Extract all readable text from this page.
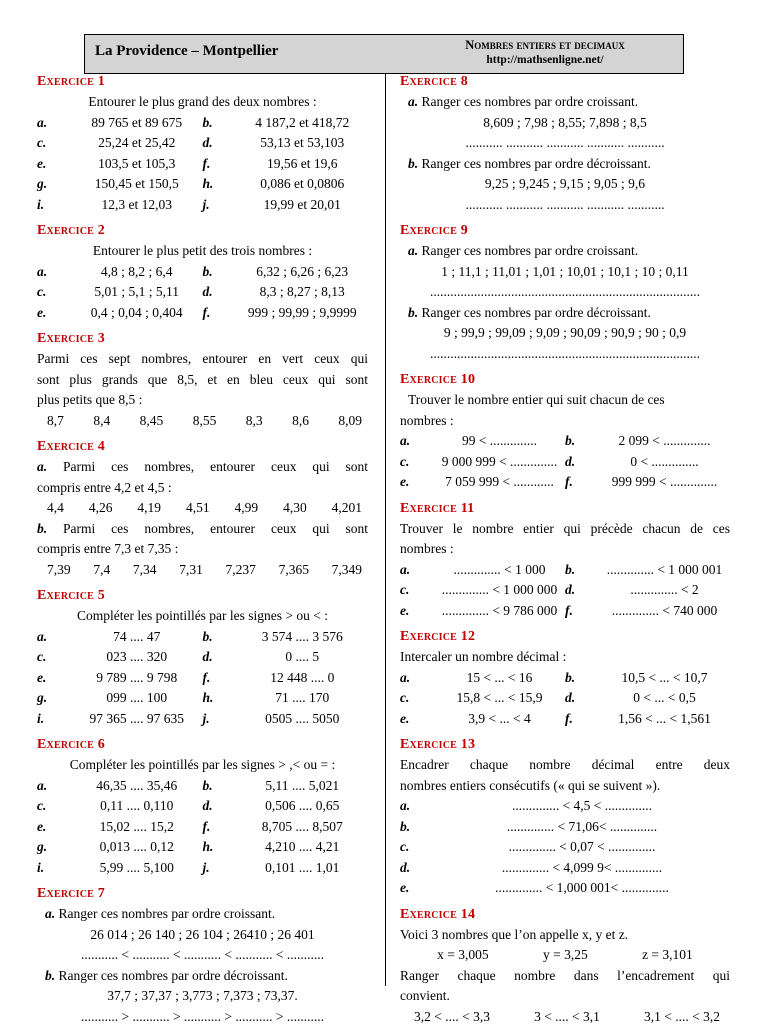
La Providence – Montpellier	Nombres entiers et decimaux
http://mathsenligne.net/
Exercice 1
Entourer le plus grand des deux nombres :
a.	89 765 et 89 675	b.	4 187,2 et 418,72
c.	25,24 et 25,42	d.	53,13 et 53,103
e.	103,5 et 105,3	f.	19,56 et 19,6
g.	150,45 et 150,5	h.	0,086 et 0,0806
i.	12,3 et 12,03	j.	19,99 et 20,01
Exercice 2
Entourer le plus petit des trois nombres :
a.	4,8 ; 8,2 ; 6,4	b.	6,32 ; 6,26 ; 6,23
c.	5,01 ; 5,1 ; 5,11	d.	8,3 ; 8,27 ; 8,13
e.	0,4 ; 0,04 ; 0,404	f.	999 ; 99,99 ; 9,9999
Exercice 3
Parmi ces sept nombres, entourer en vert ceux qui
sont plus grands que 8,5, et en bleu ceux qui sont
plus petits que 8,5 :
8,7 8,4 8,45 8,55 8,3 8,6 8,09
Exercice 4
a. Parmi ces nombres, entourer ceux qui sont
compris entre 4,2 et 4,5 :
4,4 4,26 4,19 4,51 4,99 4,30 4,201
b. Parmi ces nombres, entourer ceux qui sont
compris entre 7,3 et 7,35 :
7,39 7,4 7,34 7,31 7,237 7,365 7,349
Exercice 5
Compléter les pointillés par les signes > ou < :
a.	74 .... 47	b.	3 574 .... 3 576
c.	023 .... 320	d.	0 .... 5
e.	9 789 .... 9 798	f.	12 448 .... 0
g.	099 .... 100	h.	71 .... 170
i.	97 365 .... 97 635	j.	0505 .... 5050
Exercice 6
Compléter les pointillés par les signes > ,< ou = :
a.	46,35 .... 35,46	b.	5,11 .... 5,021
c.	0,11 .... 0,110	d.	0,506 .... 0,65
e.	15,02 .... 15,2	f.	8,705 .... 8,507
g.	0,013 .... 0,12	h.	4,210 .... 4,21
i.	5,99 .... 5,100	j.	0,101 .... 1,01
Exercice 7
a. Ranger ces nombres par ordre croissant.
26 014 ; 26 140 ; 26 104 ; 26410 ; 26 401
........... < ........... < ........... < ........... < ...........
b. Ranger ces nombres par ordre décroissant.
37,7 ; 37,37 ; 3,773 ; 7,373 ; 73,37.
........... > ........... > ........... > ........... > ...........
Exercice 8
a. Ranger ces nombres par ordre croissant.
8,609 ; 7,98 ; 8,55; 7,898 ; 8,5
........... ........... ........... ........... ...........
b. Ranger ces nombres par ordre décroissant.
9,25 ; 9,245 ; 9,15 ; 9,05 ; 9,6
........... ........... ........... ........... ...........
Exercice 9
a. Ranger ces nombres par ordre croissant.
1 ; 11,1 ; 11,01 ; 1,01 ; 10,01 ; 10,1 ; 10 ; 0,11
................................................................................
b. Ranger ces nombres par ordre décroissant.
9 ; 99,9 ; 99,09 ; 9,09 ; 90,09 ; 90,9 ; 90 ; 0,9
................................................................................
Exercice 10
Trouver le nombre entier qui suit chacun de ces
nombres :
a.	99 < ..............	b.	2 099 < ..............
c.	9 000 999 < .............. d.	0 < ..............
e.	7 059 999 < ............ f.	999 999 < ..............
Exercice 11
Trouver le nombre entier qui précède chacun de ces
nombres :
a.	.............. < 1 000	b.	.............. < 1 000 001
c.	.............. < 1 000 000 d.	.............. < 2
e.	.............. < 9 786 000 f.	.............. < 740 000
Exercice 12
Intercaler un nombre décimal :
a.	15 < ... < 16	b.	10,5 < ... < 10,7
c.	15,8 < ... < 15,9	d.	0 < ... < 0,5
e.	3,9 < ... < 4	f.	1,56 < ... < 1,561
Exercice 13
Encadrer chaque nombre décimal entre deux
nombres entiers consécutifs (« qui se suivent »).
a.	.............. < 4,5 < ..............
b.	.............. < 71,06< ..............
c.	.............. < 0,07 < ..............
d.	.............. < 4,099 9< ..............
e.	.............. < 1,000 001< ..............
Exercice 14
Voici 3 nombres que l’on appelle x, y et z.
x = 3,005	y = 3,25	z = 3,101
Ranger chaque nombre dans l’encadrement qui
convient.
3,2 < .... < 3,3	3 < .... < 3,1	3,1 < .... < 3,2
